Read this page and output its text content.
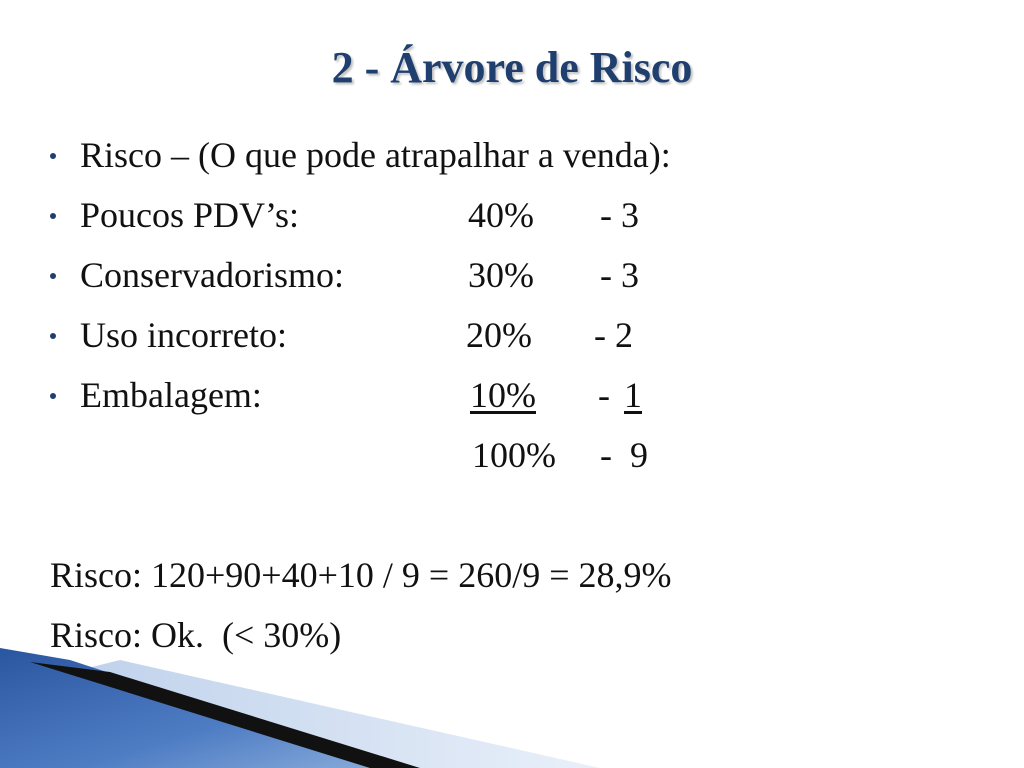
2 - Árvore de Risco
Risco – (O que pode atrapalhar a venda):
Poucos PDV’s:	40% - 3
Conservadorismo:	30% - 3
Uso incorreto:	20% - 2
Embalagem:	10% - 1
100% -  9
Risco: 120+90+40+10 / 9 = 260/9 = 28,9%
Risco: Ok.  (< 30%)
